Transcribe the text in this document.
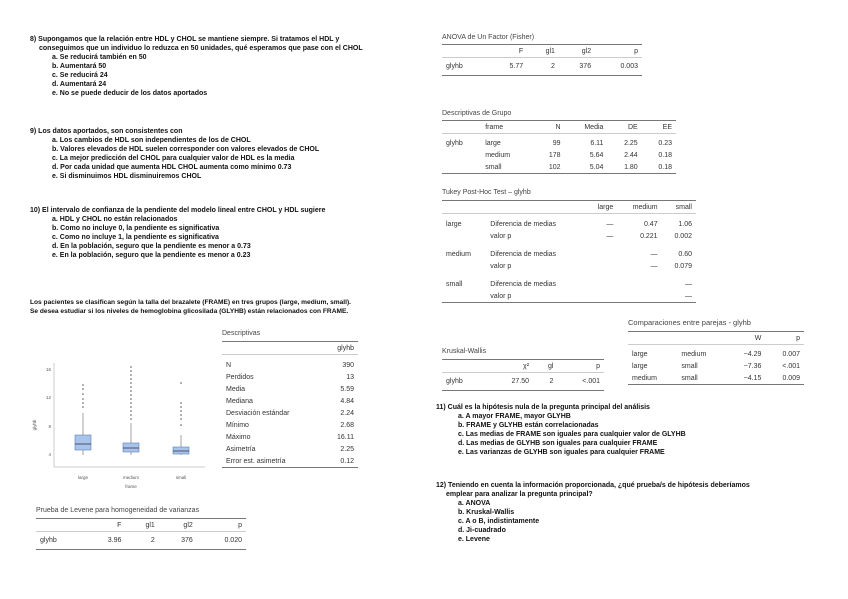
8) Supongamos que la relación entre HDL y CHOL se mantiene siempre. Si tratamos el HDL y
conseguimos que un individuo lo reduzca en 50 unidades, qué esperamos que pase con el CHOL
a. Se reducirá también en 50
b. Aumentará 50
c. Se reducirá 24
d. Aumentará 24
e. No se puede deducir de los datos aportados
9) Los datos aportados, son consistentes con
a. Los cambios de HDL son independientes de los de CHOL
b. Valores elevados de HDL suelen corresponder con valores elevados de CHOL
c. La mejor predicción del CHOL para cualquier valor de HDL es la media
d. Por cada unidad que aumenta HDL CHOL aumenta como mínimo 0.73
e. Si disminuimos HDL disminuiremos CHOL
10) El intervalo de confianza de la pendiente del modelo lineal entre CHOL y HDL sugiere
a. HDL y CHOL no están relacionados
b. Como no incluye 0, la pendiente es significativa
c. Como no incluye 1, la pendiente es significativa
d. En la población, seguro que la pendiente es menor a 0.73
e. En la población, seguro que la pendiente es menor a 0.23
Los pacientes se clasifican según la talla del brazalete (FRAME) en tres grupos (large, medium, small).
Se desea estudiar si los niveles de hemoglobina glicosilada (GLYHB) están relacionados con FRAME.
glyhb
16
12
8
4
large	medium	small
frame
Descriptivas
	glyhb
N	390
Perdidos	13
Media	5.59
Mediana	4.84
Desviación estándar	2.24
Mínimo	2.68
Máximo	16.11
Asimetría	2.25
Error est. asimetría	0.12
Prueba de Levene para homogeneidad de varianzas
	F	gl1	gl2	p
glyhb	3.96	2	376	0.020
ANOVA de Un Factor (Fisher)
	F	gl1	gl2	p
glyhb	5.77	2	376	0.003
Descriptivas de Grupo
	frame	N	Media	DE	EE
glyhb	large	99	6.11	2.25	0.23
	medium	178	5.64	2.44	0.18
	small	102	5.04	1.80	0.18
Tukey Post-Hoc Test – glyhb
		large	medium	small
large	Diferencia de medias	—	0.47	1.06
	valor p	—	0.221	0.002
medium	Diferencia de medias		—	0.60
	valor p		—	0.079
small	Diferencia de medias			—
	valor p			—
Comparaciones entre parejas - glyhb
		W	p
large	medium	−4.29	0.007
large	small	−7.36	<.001
medium	small	−4.15	0.009
Kruskal-Wallis
	χ²	gl	p
glyhb	27.50	2	<.001
11) Cuál es la hipótesis nula de la pregunta principal del análisis
a. A mayor FRAME, mayor GLYHB
b. FRAME y GLYHB están correlacionadas
c. Las medias de FRAME son iguales para cualquier valor de GLYHB
d. Las medias de GLYHB son iguales para cualquier FRAME
e. Las varianzas de GLYHB son iguales para cualquier FRAME
12) Teniendo en cuenta la información proporcionada, ¿qué prueba/s de hipótesis deberíamos
emplear para analizar la pregunta principal?
a. ANOVA
b. Kruskal-Wallis
c. A o B, indistintamente
d. Ji-cuadrado
e. Levene
